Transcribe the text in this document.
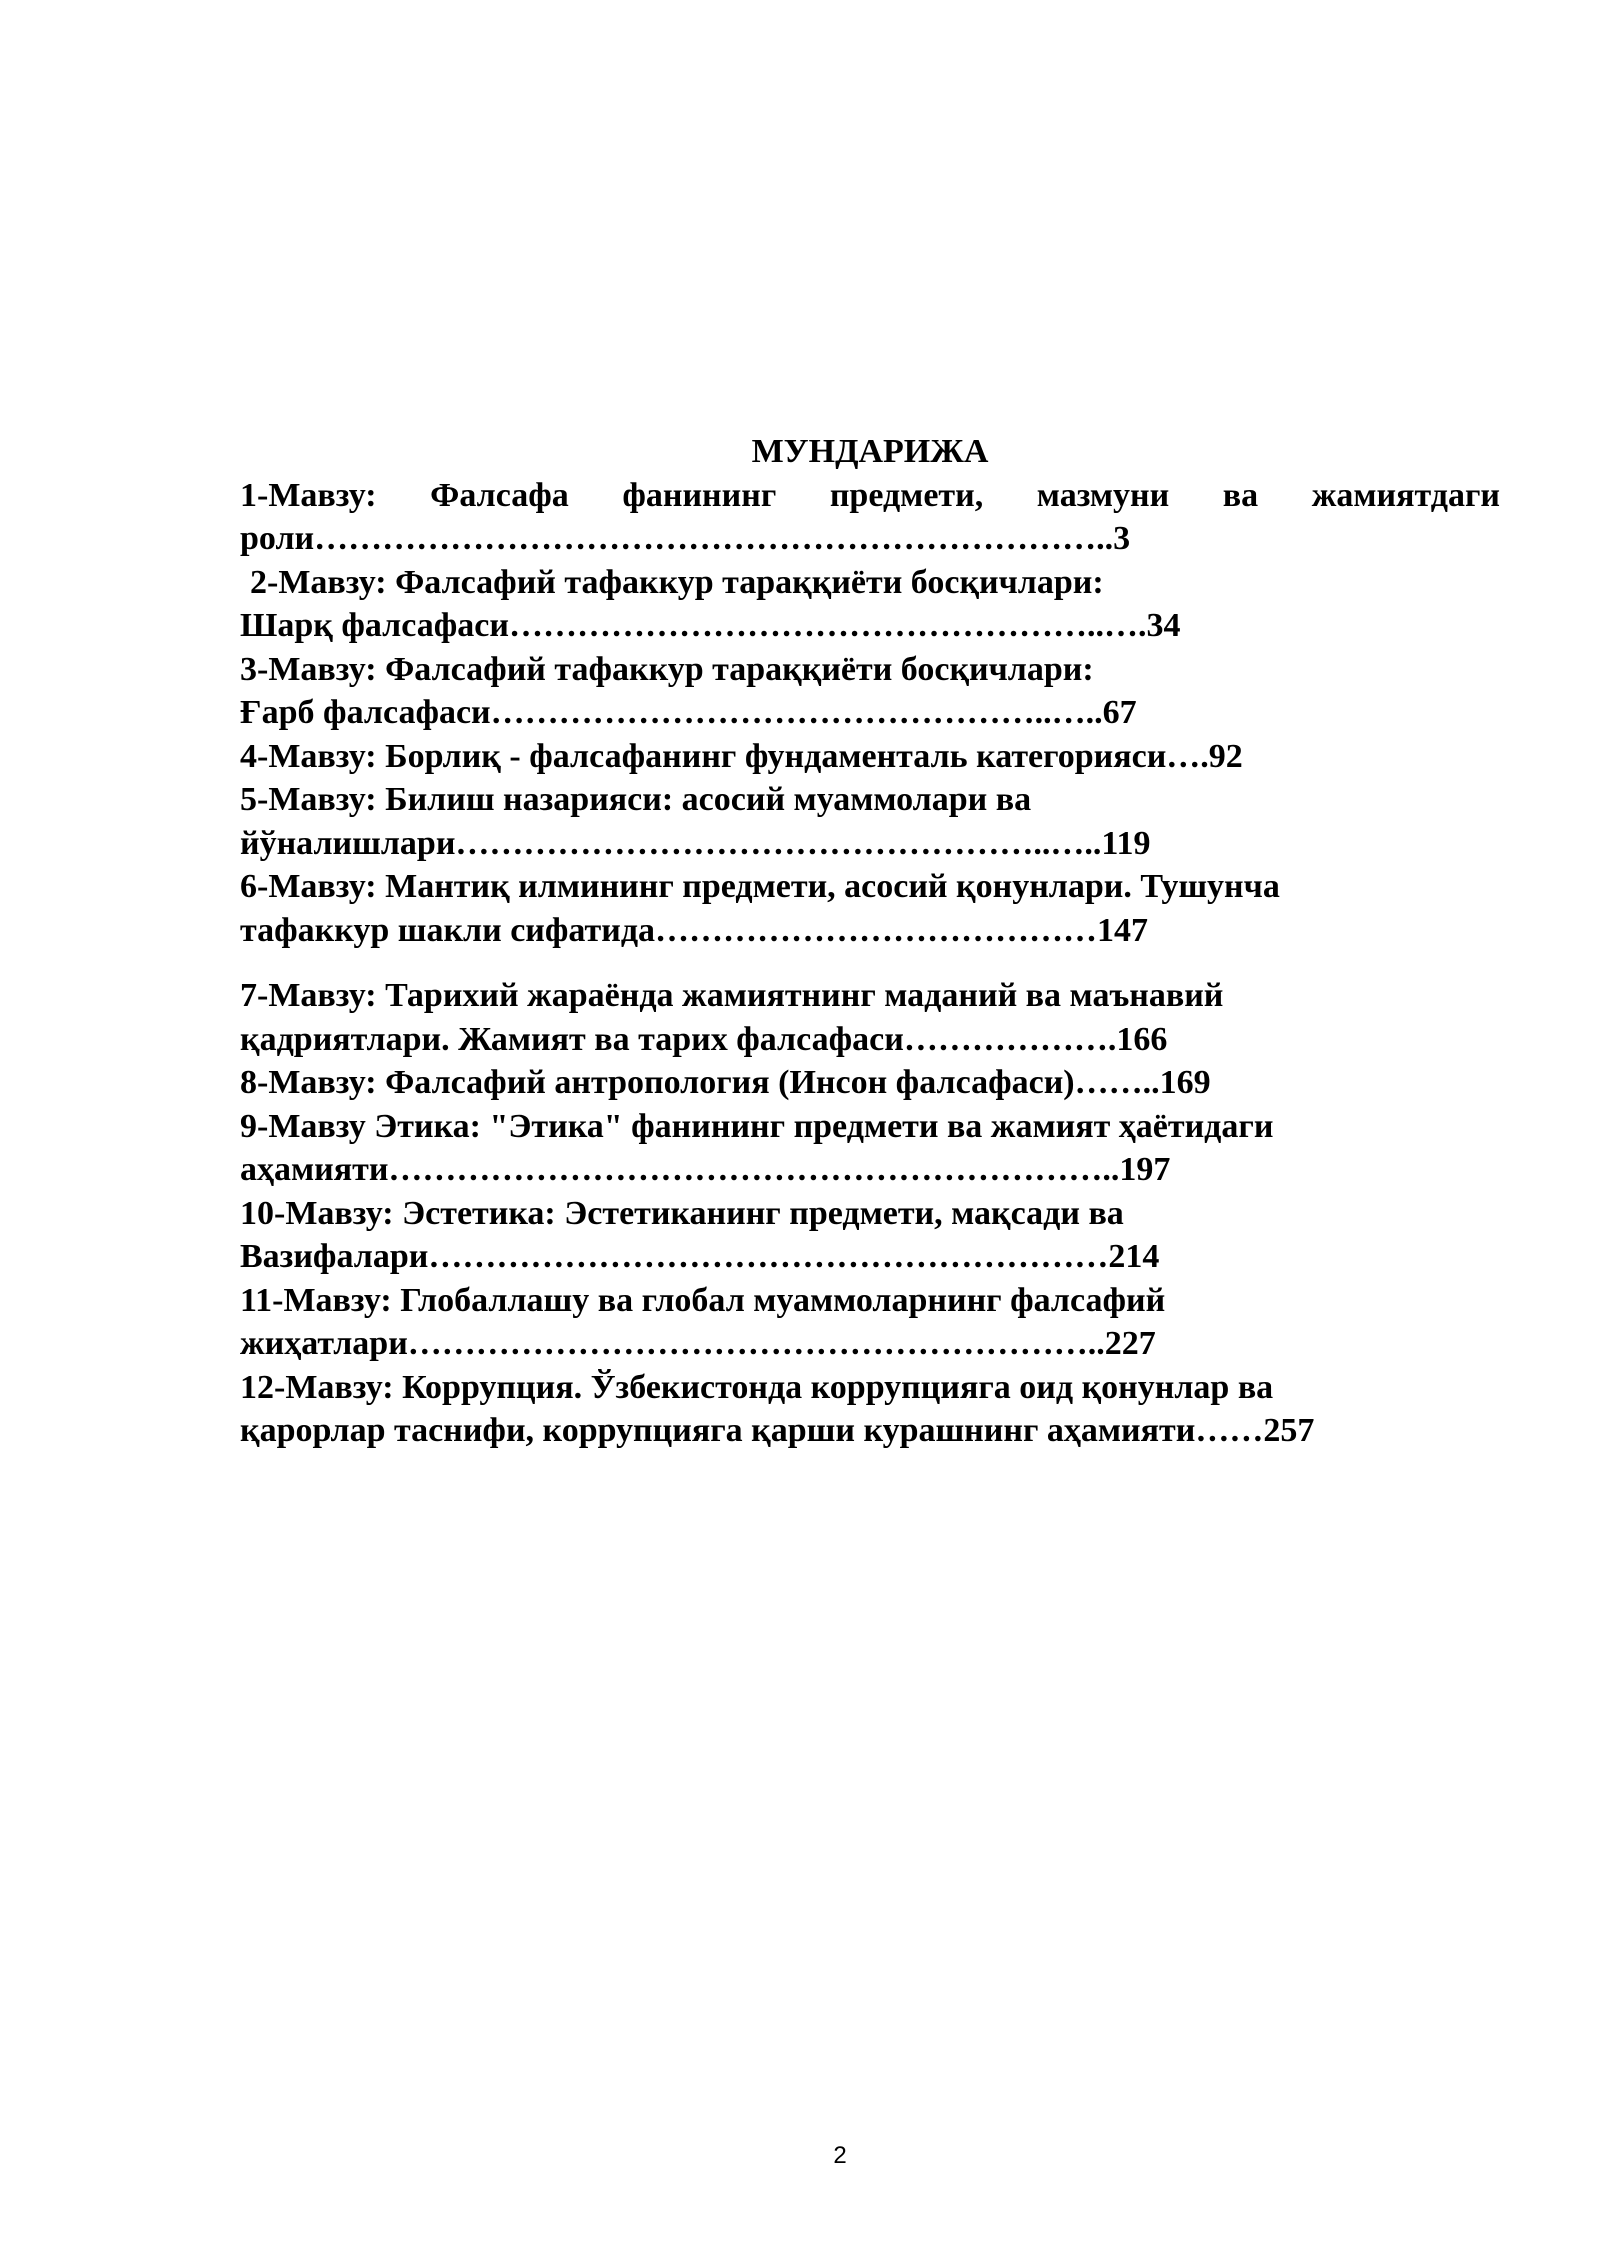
МУНДАРИЖА
1-Мавзу: Фалсафа фанининг предмети, мазмуни ва жамиятдаги
роли……………………………………………………………..3
2-Мавзу: Фалсафий тафаккур тараққиёти босқичлари:
Шарқ фалсафаси……………………………………………..….34
3-Мавзу: Фалсафий тафаккур тараққиёти босқичлари:
Ғарб фалсафаси…………………………………………..…..67
4-Мавзу: Борлиқ - фалсафанинг фундаменталь категорияси….92
5-Мавзу: Билиш назарияси: асосий муаммолари ва
йўналишлари……………………………………………..…..119
6-Мавзу: Мантиқ илмининг предмети, асосий қонунлари. Тушунча
тафаккур шакли сифатида…………………………………147
7-Мавзу: Тарихий жараёнда жамиятнинг маданий ва маънавий
қадриятлари. Жамият ва тарих фалсафаси……………….166
8-Мавзу: Фалсафий антропология (Инсон фалсафаси)……..169
9-Мавзу Этика: "Этика" фанининг предмети ва жамият ҳаётидаги
аҳамияти………………………………………………………..197
10-Мавзу: Эстетика: Эстетиканинг предмети, мақсади ва
Вазифалари……………………………………………………214
11-Мавзу: Глобаллашу ва глобал муаммоларнинг фалсафий
жиҳатлари……………………………………………………..227
12-Мавзу: Коррупция. Ўзбекистонда коррупцияга оид қонунлар ва
қарорлар таснифи, коррупцияга қарши курашнинг аҳамияти……257
2
